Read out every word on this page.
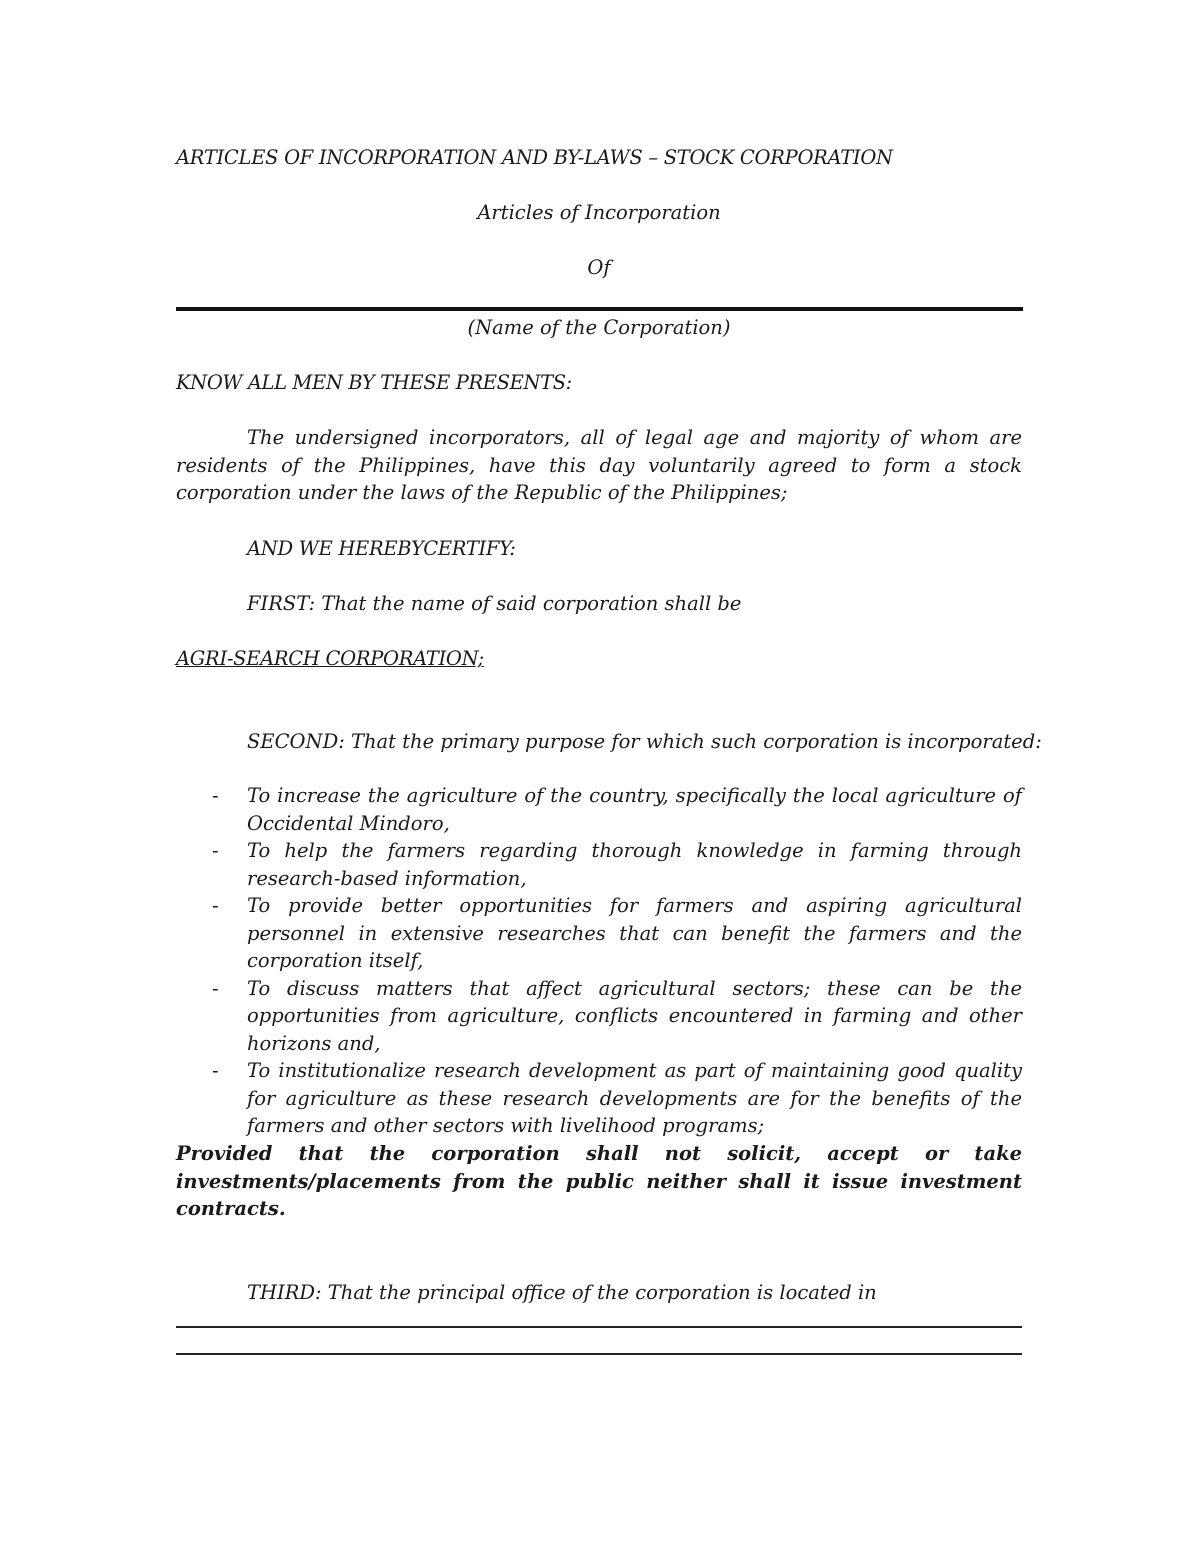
ARTICLES OF INCORPORATION AND BY-LAWS – STOCK CORPORATION

Articles of Incorporation

Of

(Name of the Corporation)

KNOW ALL MEN BY THESE PRESENTS:

The undersigned incorporators, all of legal age and majority of whom are residents of the Philippines, have this day voluntarily agreed to form a stock corporation under the laws of the Republic of the Philippines;

AND WE HEREBYCERTIFY:

FIRST: That the name of said corporation shall be

AGRI-SEARCH CORPORATION;

SECOND: That the primary purpose for which such corporation is incorporated:

- To increase the agriculture of the country, specifically the local agriculture of Occidental Mindoro,
- To help the farmers regarding thorough knowledge in farming through research-based information,
- To provide better opportunities for farmers and aspiring agricultural personnel in extensive researches that can benefit the farmers and the corporation itself,
- To discuss matters that affect agricultural sectors; these can be the opportunities from agriculture, conflicts encountered in farming and other horizons and,
- To institutionalize research development as part of maintaining good quality for agriculture as these research developments are for the benefits of the farmers and other sectors with livelihood programs;

Provided that the corporation shall not solicit, accept or take investments/placements from the public neither shall it issue investment contracts.

THIRD: That the principal office of the corporation is located in
